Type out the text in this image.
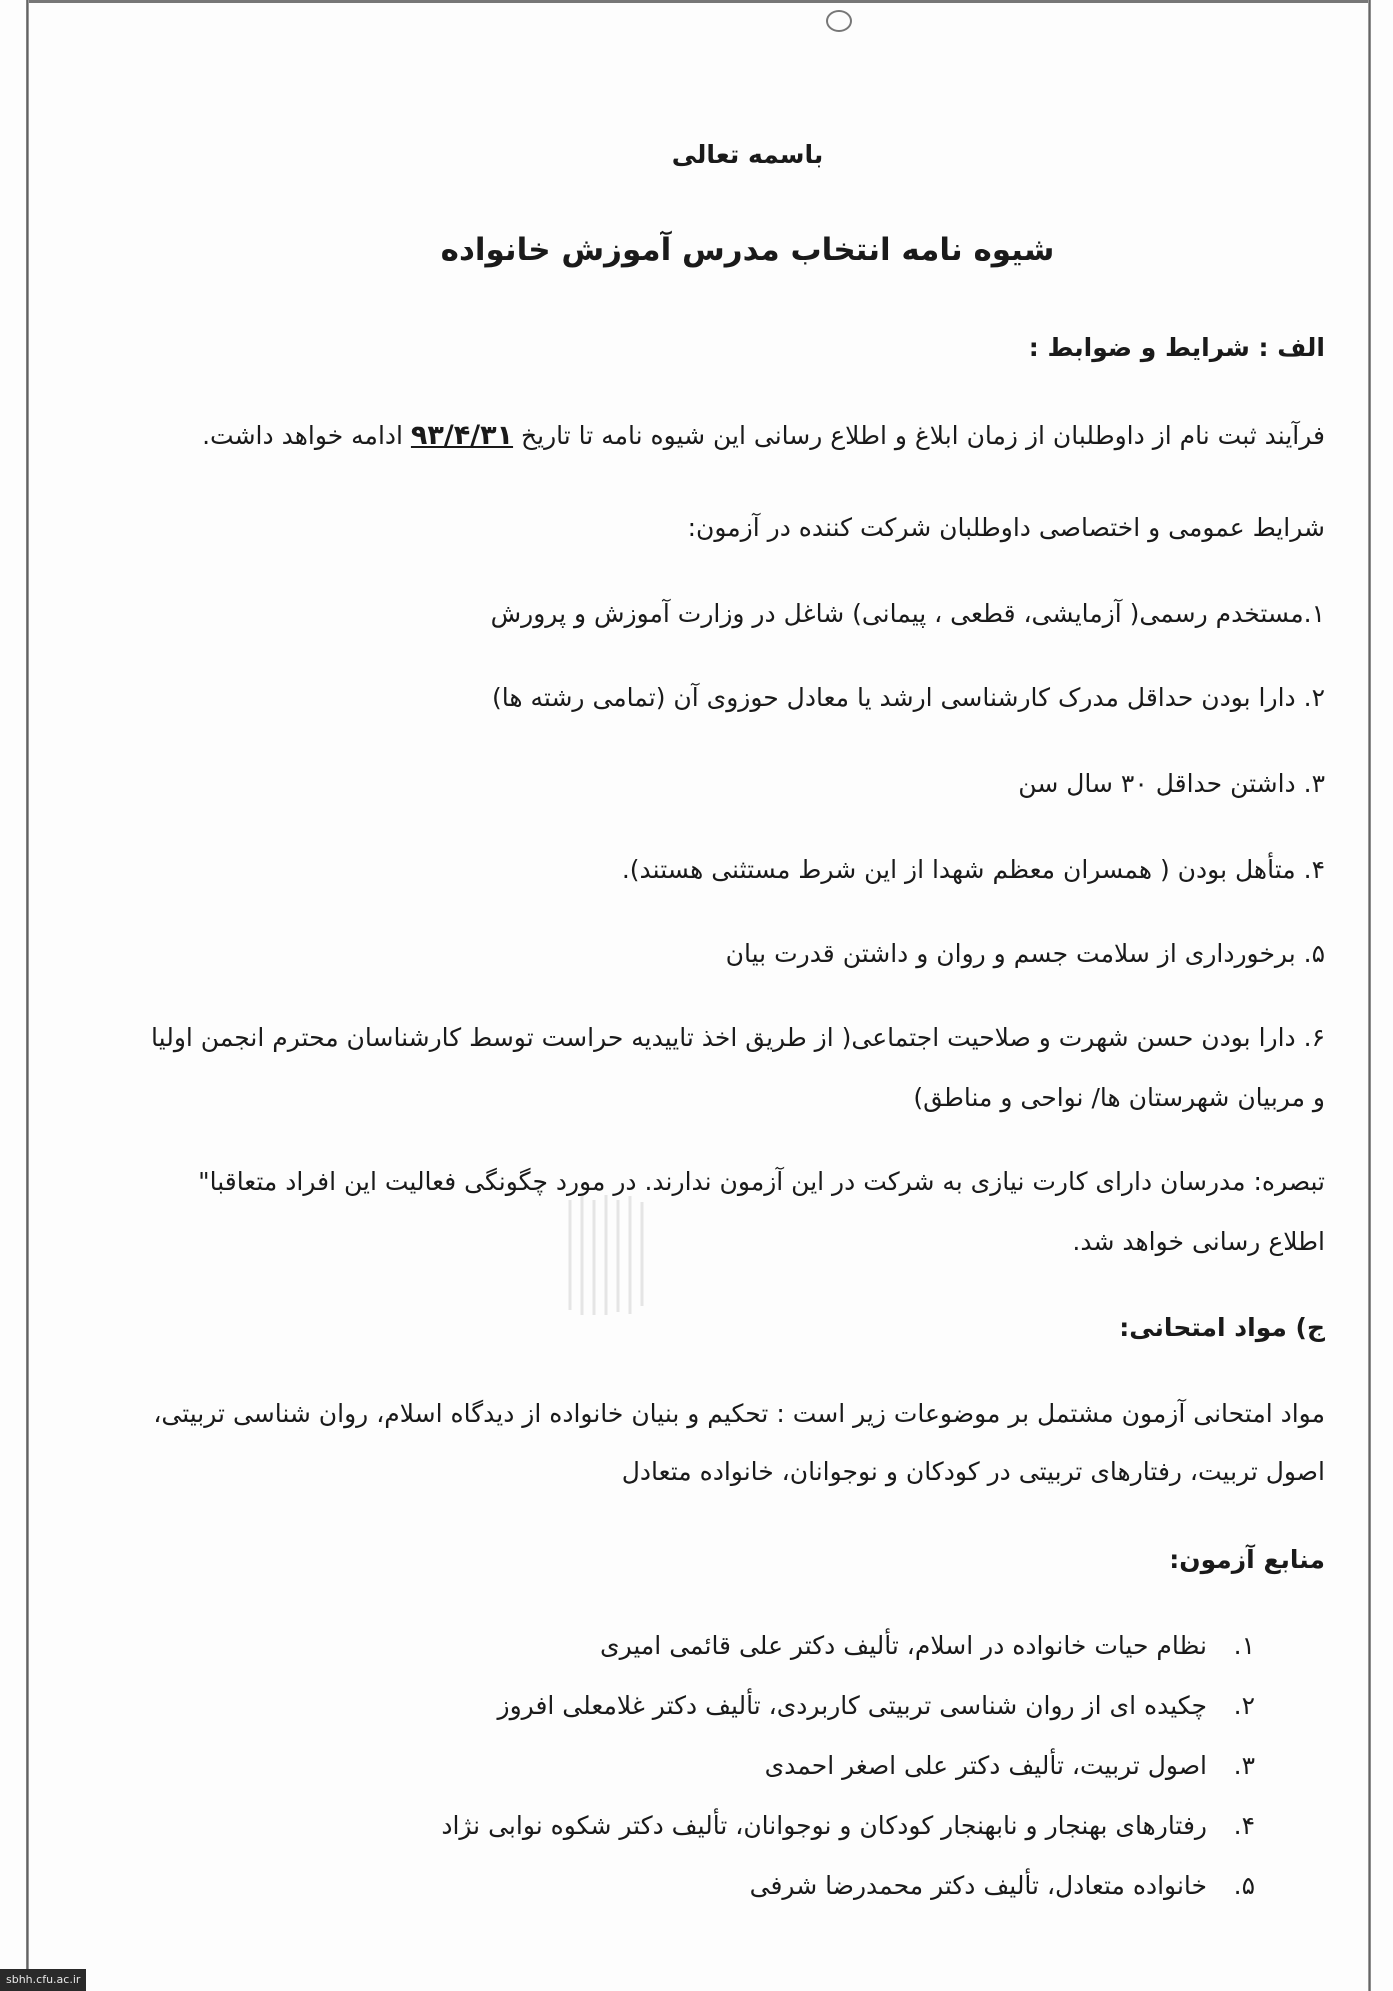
باسمه تعالی

شیوه نامه انتخاب مدرس آموزش خانواده

الف : شرایط و ضوابط :

فرآیند ثبت نام از داوطلبان از زمان ابلاغ و اطلاع رسانی این شیوه نامه تا تاریخ ۹۳/۴/۳۱ ادامه خواهد داشت.

شرایط عمومی و اختصاصی داوطلبان شرکت کننده در آزمون:

۱.مستخدم رسمی( آزمایشی، قطعی ، پیمانی) شاغل در وزارت آموزش و پرورش

۲. دارا بودن حداقل مدرک کارشناسی ارشد یا معادل حوزوی آن (تمامی رشته ها)

۳. داشتن حداقل ۳۰ سال سن

۴. متأهل بودن ( همسران معظم شهدا از این شرط مستثنی هستند).

۵. برخورداری از سلامت جسم و روان و داشتن قدرت بیان

۶. دارا بودن حسن شهرت و صلاحیت اجتماعی( از طریق اخذ تاییدیه حراست توسط کارشناسان محترم انجمن اولیا

و مربیان شهرستان ها/ نواحی و مناطق)

تبصره: مدرسان دارای کارت نیازی به شرکت در این آزمون ندارند. در مورد چگونگی فعالیت این افراد متعاقبا"

اطلاع رسانی خواهد شد.

ج) مواد امتحانی:

مواد امتحانی آزمون مشتمل بر موضوعات زیر است : تحکیم و بنیان خانواده از دیدگاه اسلام، روان شناسی تربیتی،

اصول تربیت، رفتارهای تربیتی در کودکان و نوجوانان، خانواده متعادل

منابع آزمون:

۱.نظام حیات خانواده در اسلام، تألیف دکتر علی قائمی امیری

۲.چکیده ای از روان شناسی تربیتی کاربردی، تألیف دکتر غلامعلی افروز

۳.اصول تربیت، تألیف دکتر علی اصغر احمدی

۴.رفتارهای بهنجار و نابهنجار کودکان و نوجوانان، تألیف دکتر شکوه نوابی نژاد

۵.خانواده متعادل، تألیف دکتر محمدرضا شرفی

sbhh.cfu.ac.ir
